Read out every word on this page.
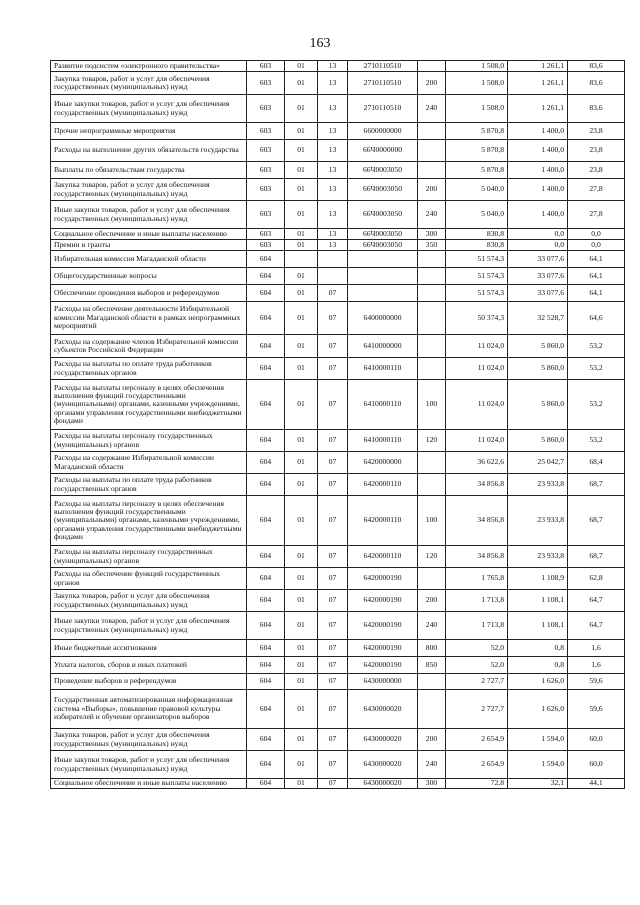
163
Развитие подсистем «электронного правительства»	603	01	13	2710110510		1 508,0	1 261,1	83,6
Закупка товаров, работ и услуг для обеспечения государственных (муниципальных) нужд	603	01	13	2710110510	200	1 508,0	1 261,1	83,6
Иные закупки товаров, работ и услуг для обеспечения государственных (муниципальных) нужд	603	01	13	2710110510	240	1 508,0	1 261,1	83,6
Прочие непрограммные мероприятия	603	01	13	6600000000		5 870,8	1 400,0	23,8
Расходы на выполнение других обязательств государства	603	01	13	66Ч0000000		5 870,8	1 400,0	23,8
Выплаты по обязательствам государства	603	01	13	66Ч0003050		5 870,8	1 400,0	23,8
Закупка товаров, работ и услуг для обеспечения государственных (муниципальных) нужд	603	01	13	66Ч0003050	200	5 040,0	1 400,0	27,8
Иные закупки товаров, работ и услуг для обеспечения государственных (муниципальных) нужд	603	01	13	66Ч0003050	240	5 040,0	1 400,0	27,8
Социальное обеспечение и иные выплаты населению	603	01	13	66Ч0003050	300	830,8	0,0	0,0
Премии и гранты	603	01	13	66Ч0003050	350	830,8	0,0	0,0
Избирательная комиссия Магаданской области	604					51 574,3	33 077,6	64,1
Общегосударственные вопросы	604	01				51 574,3	33 077,6	64,1
Обеспечение проведения выборов и референдумов	604	01	07			51 574,3	33 077,6	64,1
Расходы на обеспечение деятельности Избирательной комиссии Магаданской области в рамках непрограммных мероприятий	604	01	07	6400000000		50 374,3	32 528,7	64,6
Расходы на содержание членов Избирательной комиссии субъектов Российской Федерации	604	01	07	6410000000		11 024,0	5 860,0	53,2
Расходы на выплаты по оплате труда работников государственных органов	604	01	07	6410000110		11 024,0	5 860,0	53,2
Расходы на выплаты персоналу в целях обеспечения выполнения функций государственными (муниципальными) органами, казенными учреждениями, органами управления государственными внебюджетными фондами	604	01	07	6410000110	100	11 024,0	5 860,0	53,2
Расходы на выплаты персоналу государственных (муниципальных) органов	604	01	07	6410000110	120	11 024,0	5 860,0	53,2
Расходы на содержание Избирательной комиссии Магаданской области	604	01	07	6420000000		36 622,6	25 042,7	68,4
Расходы на выплаты по оплате труда работников государственных органов	604	01	07	6420000110		34 856,8	23 933,8	68,7
Расходы на выплаты персоналу в целях обеспечения выполнения функций государственными (муниципальными) органами, казенными учреждениями, органами управления государственными внебюджетными фондами	604	01	07	6420000110	100	34 856,8	23 933,8	68,7
Расходы на выплаты персоналу государственных (муниципальных) органов	604	01	07	6420000110	120	34 856,8	23 933,8	68,7
Расходы на обеспечение функций государственных органов	604	01	07	6420000190		1 765,8	1 108,9	62,8
Закупка товаров, работ и услуг для обеспечения государственных (муниципальных) нужд	604	01	07	6420000190	200	1 713,8	1 108,1	64,7
Иные закупки товаров, работ и услуг для обеспечения государственных (муниципальных) нужд	604	01	07	6420000190	240	1 713,8	1 108,1	64,7
Иные бюджетные ассигнования	604	01	07	6420000190	800	52,0	0,8	1,6
Уплата налогов, сборов и иных платежей	604	01	07	6420000190	850	52,0	0,8	1,6
Проведение выборов и референдумов	604	01	07	6430000000		2 727,7	1 626,0	59,6
Государственная автоматизированная информационная система «Выборы», повышение правовой культуры избирателей и обучение организаторов выборов	604	01	07	6430000020		2 727,7	1 626,0	59,6
Закупка товаров, работ и услуг для обеспечения государственных (муниципальных) нужд	604	01	07	6430000020	200	2 654,9	1 594,0	60,0
Иные закупки товаров, работ и услуг для обеспечения государственных (муниципальных) нужд	604	01	07	6430000020	240	2 654,9	1 594,0	60,0
Социальное обеспечение и иные выплаты населению	604	01	07	6430000020	300	72,8	32,1	44,1
